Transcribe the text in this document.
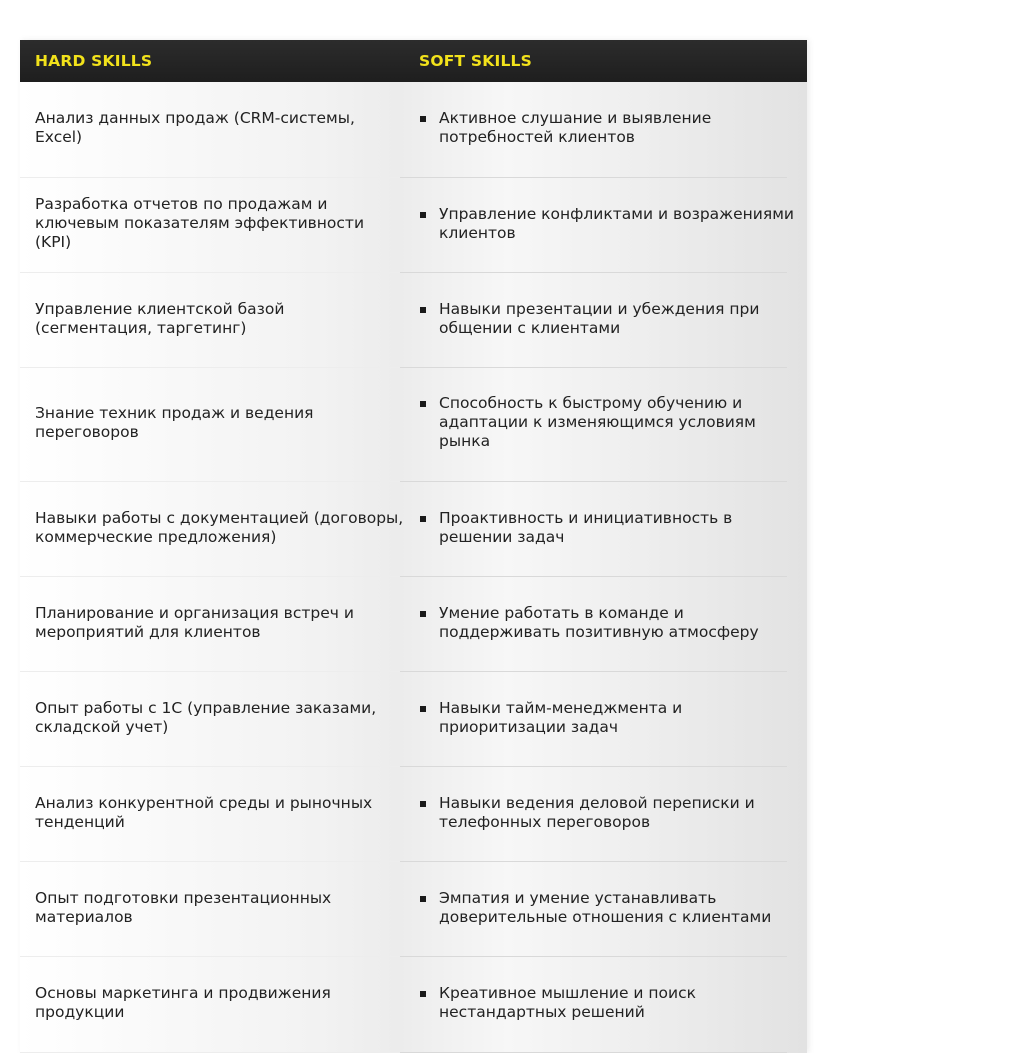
HARD SKILLS	SOFT SKILLS
Анализ данных продаж (CRM-системы, Excel)
Активное слушание и выявление потребностей клиентов
Разработка отчетов по продажам и ключевым показателям эффективности (KPI)
Управление конфликтами и возражениями клиентов
Управление клиентской базой (сегментация, таргетинг)
Навыки презентации и убеждения при общении с клиентами
Знание техник продаж и ведения переговоров
Способность к быстрому обучению и адаптации к изменяющимся условиям рынка
Навыки работы с документацией (договоры, коммерческие предложения)
Проактивность и инициативность в решении задач
Планирование и организация встреч и мероприятий для клиентов
Умение работать в команде и поддерживать позитивную атмосферу
Опыт работы с 1С (управление заказами, складской учет)
Навыки тайм-менеджмента и приоритизации задач
Анализ конкурентной среды и рыночных тенденций
Навыки ведения деловой переписки и телефонных переговоров
Опыт подготовки презентационных материалов
Эмпатия и умение устанавливать доверительные отношения с клиентами
Основы маркетинга и продвижения продукции
Креативное мышление и поиск нестандартных решений
